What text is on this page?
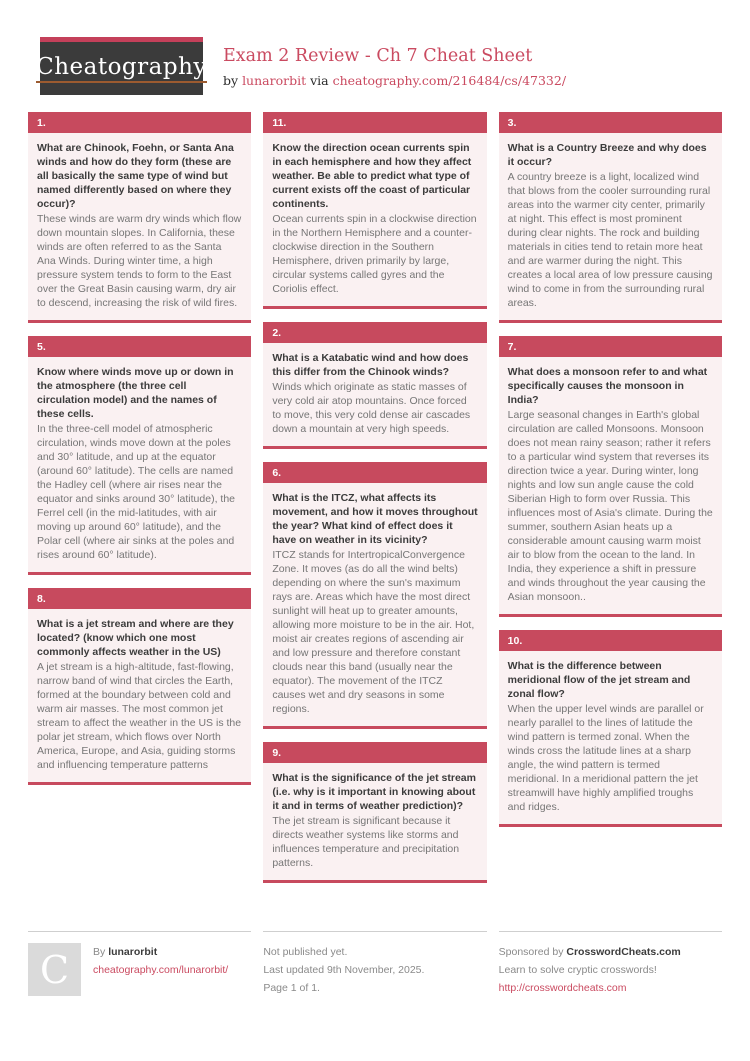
Cheatography Exam 2 Review - Ch 7 Cheat Sheet
by lunarorbit via cheatography.com/216484/cs/47332/
1.
What are Chinook, Foehn, or Santa Ana winds and how do they form (these are all basically the same type of wind but named differently based on where they occur)?
These winds are warm dry winds which flow down mountain slopes. In California, these winds are often referred to as the Santa Ana Winds. During winter time, a high pressure system tends to form to the East over the Great Basin causing warm, dry air to descend, increasing the risk of wild fires.
5.
Know where winds move up or down in the atmosphere (the three cell circulation model) and the names of these cells.
In the three-cell model of atmospheric circulation, winds move down at the poles and 30° latitude, and up at the equator (around 60° latitude). The cells are named the Hadley cell (where air rises near the equator and sinks around 30° latitude), the Ferrel cell (in the mid-latitudes, with air moving up around 60° latitude), and the Polar cell (where air sinks at the poles and rises around 60° latitude).
8.
What is a jet stream and where are they located? (know which one most commonly affects weather in the US)
A jet stream is a high-altitude, fast-flowing, narrow band of wind that circles the Earth, formed at the boundary between cold and warm air masses. The most common jet stream to affect the weather in the US is the polar jet stream, which flows over North America, Europe, and Asia, guiding storms and influencing temperature patterns
11.
Know the direction ocean currents spin in each hemisphere and how they affect weather. Be able to predict what type of current exists off the coast of particular continents.
Ocean currents spin in a clockwise direction in the Northern Hemisphere and a counter-clockwise direction in the Southern Hemisphere, driven primarily by large, circular systems called gyres and the Coriolis effect.
2.
What is a Katabatic wind and how does this differ from the Chinook winds?
Winds which originate as static masses of very cold air atop mountains. Once forced to move, this very cold dense air cascades down a mountain at very high speeds.
6.
What is the ITCZ, what affects its movement, and how it moves throughout the year? What kind of effect does it have on weather in its vicinity?
ITCZ stands for IntertropicalConvergence Zone. It moves (as do all the wind belts) depending on where the sun's maximum rays are. Areas which have the most direct sunlight will heat up to greater amounts, allowing more moisture to be in the air. Hot, moist air creates regions of ascending air and low pressure and therefore constant clouds near this band (usually near the equator). The movement of the ITCZ causes wet and dry seasons in some regions.
9.
What is the significance of the jet stream (i.e. why is it important in knowing about it and in terms of weather prediction)?
The jet stream is significant because it directs weather systems like storms and influences temperature and precipitation patterns.
3.
What is a Country Breeze and why does it occur?
A country breeze is a light, localized wind that blows from the cooler surrounding rural areas into the warmer city center, primarily at night. This effect is most prominent during clear nights. The rock and building materials in cities tend to retain more heat and are warmer during the night. This creates a local area of low pressure causing wind to come in from the surrounding rural areas.
7.
What does a monsoon refer to and what specifically causes the monsoon in India?
Large seasonal changes in Earth's global circulation are called Monsoons. Monsoon does not mean rainy season; rather it refers to a particular wind system that reverses its direction twice a year. During winter, long nights and low sun angle cause the cold Siberian High to form over Russia. This influences most of Asia's climate. During the summer, southern Asian heats up a considerable amount causing warm moist air to blow from the ocean to the land. In India, they experience a shift in pressure and winds throughout the year causing the Asian monsoon..
10.
What is the difference between meridional flow of the jet stream and zonal flow?
When the upper level winds are parallel or nearly parallel to the lines of latitude the wind pattern is termed zonal. When the winds cross the latitude lines at a sharp angle, the wind pattern is termed meridional. In a meridional pattern the jet streamwill have highly amplified troughs and ridges.
C	By lunarorbit
cheatography.com/lunarorbit/
Not published yet.
Last updated 9th November, 2025.
Page 1 of 1.
Sponsored by CrosswordCheats.com
Learn to solve cryptic crosswords!
http://crosswordcheats.com
